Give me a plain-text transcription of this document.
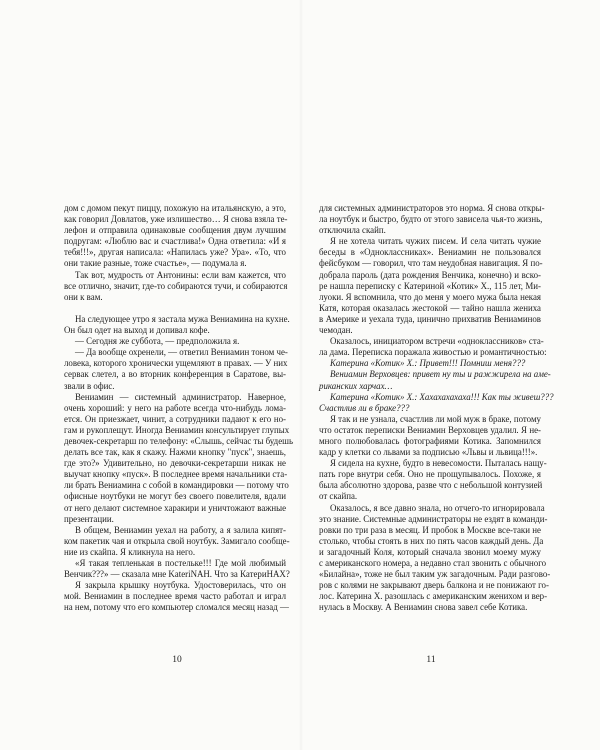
дом с домом пекут пиццу, похожую на итальянскую, а это,
как говорил Довлатов, уже излишество… Я снова взяла те-
лефон и отправила одинаковые сообщения двум лучшим
подругам: «Люблю вас и счастлива!» Одна ответила: «И я
тебя!!!», другая написала: «Напилась уже? Ура». «То, что
они такие разные, тоже счастье», — подумала я.
Так вот, мудрость от Антонины: если вам кажется, что
все отлично, значит, где-то собираются тучи, и собираются
они к вам.
На следующее утро я застала мужа Вениамина на кухне.
Он был одет на выход и допивал кофе.
— Сегодня же суббота, — предположила я.
— Да вообще охренели, — ответил Вениамин тоном че-
ловека, которого хронически ущемляют в правах. — У них
сервак слетел, а во вторник конференция в Саратове, вы-
звали в офис.
Вениамин — системный администратор. Наверное,
очень хороший: у него на работе всегда что-нибудь лома-
ется. Он приезжает, чинит, а сотрудники падают к его но-
гам и рукоплещут. Иногда Вениамин консультирует глупых
девочек-секретарш по телефону: «Слышь, сейчас ты будешь
делать все так, как я скажу. Нажми кнопку "пуск", знаешь,
где это?» Удивительно, но девочки-секретарши никак не
выучат кнопку «пуск». В последнее время начальники ста-
ли брать Вениамина с собой в командировки — потому что
офисные ноутбуки не могут без своего повелителя, вдали
от него делают системное харакири и уничтожают важные
презентации.
В общем, Вениамин уехал на работу, а я залила кипят-
ком пакетик чая и открыла свой ноутбук. Замигало сообще-
ние из скайпа. Я кликнула на него.
«Я такая тепленькая в постельке!!! Где мой любимый
Венчик???» — сказала мне KateriNAH. Что за КатериНАХ?
Я закрыла крышку ноутбука. Удостоверилась, что он
мой. Вениамин в последнее время часто работал и играл
на нем, потому что его компьютер сломался месяц назад —
для системных администраторов это норма. Я снова откры-
ла ноутбук и быстро, будто от этого зависела чья-то жизнь,
отключила скайп.
Я не хотела читать чужих писем. И села читать чужие
беседы в «Одноклассниках». Вениамин не пользовался
фейсбуком — говорил, что там неудобная навигация. Я по-
добрала пароль (дата рождения Венчика, конечно) и вско-
ре нашла переписку с Катериной «Котик» Х., 115 лет, Ми-
луоки. Я вспомнила, что до меня у моего мужа была некая
Катя, которая оказалась жестокой — тайно нашла жениха
в Америке и уехала туда, цинично прихватив Вениаминов
чемодан.
Оказалось, инициатором встречи «одноклассников» ста-
ла дама. Переписка поражала живостью и романтичностью:
Катерина «Котик» Х.: Привет!!! Помниш меня???
Вениамин Верховцев: привет ну ты и ражжирела на аме-
риканских харчах…
Катерина «Котик» Х.: Хахахахахаха!!! Как ты живеш???
Счастлив ли в браке???
Я так и не узнала, счастлив ли мой муж в браке, потому
что остаток переписки Вениамин Верховцев удалил. Я не-
много полюбовалась фотографиями Котика. Запомнился
кадр у клетки со львами за подписью «Львы и львица!!!».
Я сидела на кухне, будто в невесомости. Пыталась нащу-
пать горе внутри себя. Оно не прощупывалось. Похоже, я
была абсолютно здорова, разве что с небольшой контузией
от скайпа.
Оказалось, я все давно знала, но отчего-то игнорировала
это знание. Системные администраторы не ездят в команди-
ровки по три раза в месяц. И пробок в Москве все-таки не
столько, чтобы стоять в них по пять часов каждый день. Да
и загадочный Коля, который сначала звонил моему мужу
с американского номера, а недавно стал звонить с обычного
«Билайна», тоже не был таким уж загадочным. Ради разгово-
ров с колями не закрывают дверь балкона и не понижают го-
лос. Катерина Х. разошлась с американским женихом и вер-
нулась в Москву. А Вениамин снова завел себе Котика.
10	11
